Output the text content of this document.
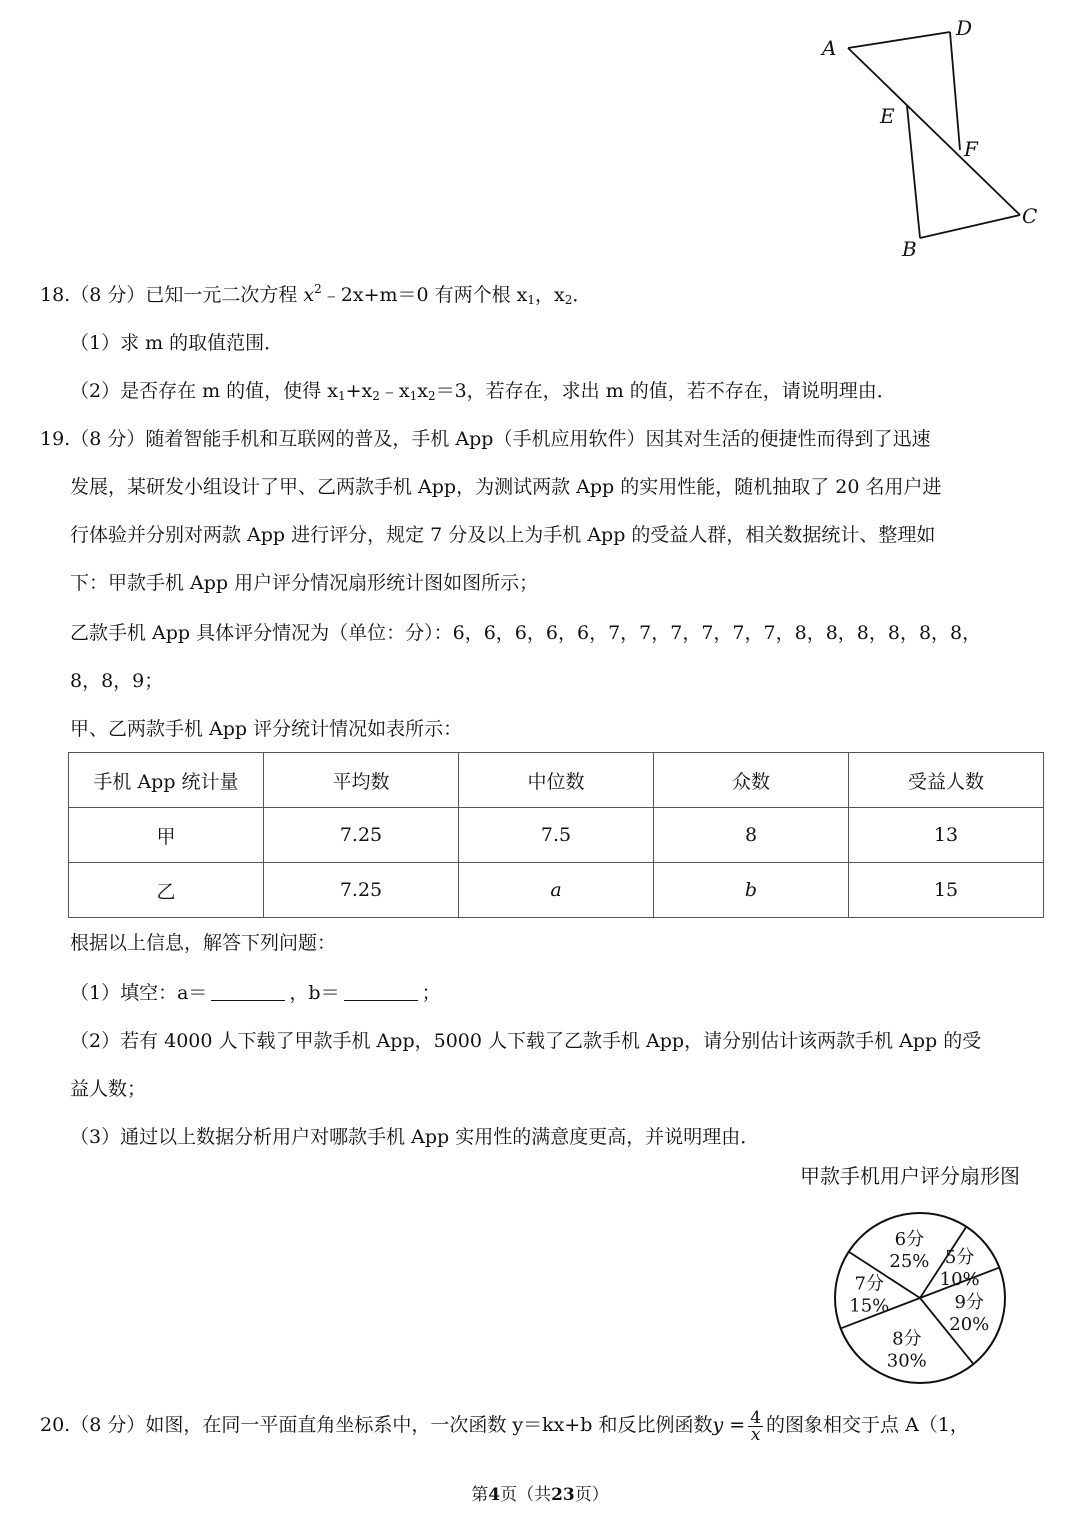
A
D
E
F
C
B
18.（8 分）已知一元二次方程 $x^2﹣2x+m=0$ 有两个根 $x_1$，$x_2$．
（1）求 m 的取值范围．
（2）是否存在 m 的值，使得 $x_1+x_2﹣x_1x_2=3$，若存在，求出 m 的值，若不存在，请说明理由．
19.（8 分）随着智能手机和互联网的普及，手机 App（手机应用软件）因其对生活的便捷性而得到了迅速
发展，某研发小组设计了甲、乙两款手机 App，为测试两款 App 的实用性能，随机抽取了 20 名用户进
行体验并分别对两款 App 进行评分，规定 7 分及以上为手机 App 的受益人群，相关数据统计、整理如
下：甲款手机 App 用户评分情况扇形统计图如图所示；
乙款手机 App 具体评分情况为（单位：分）：6，6，6，6，6，7，7，7，7，7，7，8，8，8，8，8，8，
8，8，9；
甲、乙两款手机 App 评分统计情况如表所示：
手机 App 统计量	平均数	中位数	众数	受益人数
甲	7.25	7.5	8	13
乙	7.25	a	b	15
根据以上信息，解答下列问题：
（1）填空：a＝	，b＝	；
（2）若有 4000 人下载了甲款手机 App，5000 人下载了乙款手机 App，请分别估计该两款手机 App 的受
益人数；
（3）通过以上数据分析用户对哪款手机 App 实用性的满意度更高，并说明理由．
甲款手机用户评分扇形图
5分
10%
9分
20%
8分
30%
7分
15%
6分
25%
20.（8 分）如图，在同一平面直角坐标系中，一次函数 y＝kx+b 和反比例函数$y = \frac{4}{x}$ 的图象相交于点 A（1，
第4页（共23页）
